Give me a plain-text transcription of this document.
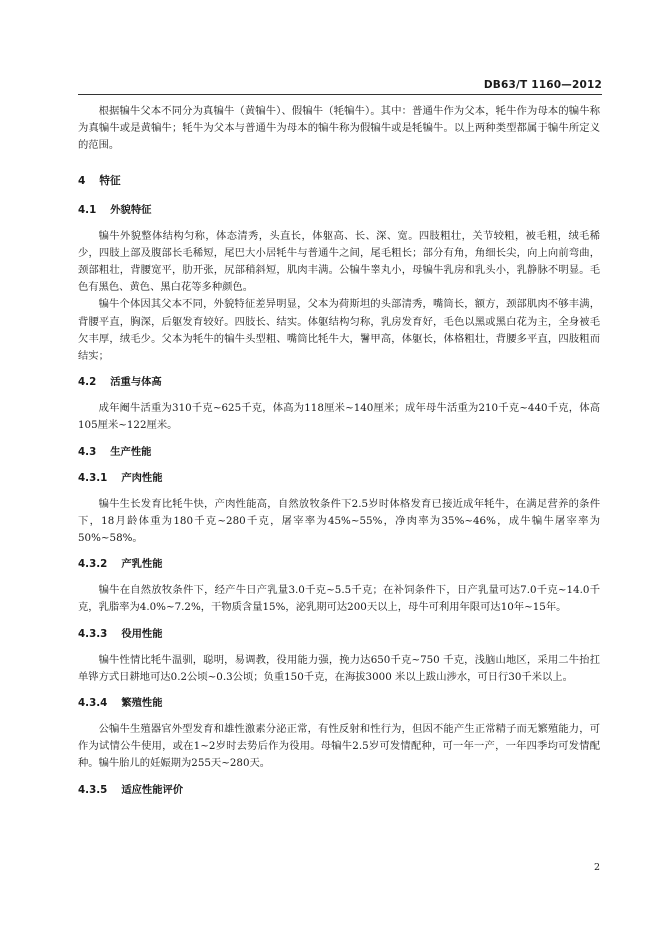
DB63/T 1160—2012

根据犏牛父本不同分为真犏牛（黄犏牛）、假犏牛（牦犏牛）。其中：普通牛作为父本，牦牛作为母本的犏牛称为真犏牛或是黄犏牛；牦牛为父本与普通牛为母本的犏牛称为假犏牛或是牦犏牛。以上两种类型都属于犏牛所定义的范围。

4 特征
4.1 外貌特征

犏牛外貌整体结构匀称，体态清秀，头直长，体躯高、长、深、宽。四肢粗壮，关节较粗，被毛粗，绒毛稀少，四肢上部及腹部长毛稀短，尾巴大小居牦牛与普通牛之间，尾毛粗长；部分有角，角细长尖，向上向前弯曲，颈部粗壮，背腰宽平，肋开张，尻部稍斜短，肌肉丰满。公犏牛睾丸小，母犏牛乳房和乳头小，乳静脉不明显。毛色有黑色、黄色、黑白花等多种颜色。

犏牛个体因其父本不同，外貌特征差异明显，父本为荷斯坦的头部清秀，嘴筒长，额方，颈部肌肉不够丰满，背腰平直，胸深，后躯发育较好。四肢长、结实。体躯结构匀称，乳房发育好，毛色以黑或黑白花为主，全身被毛欠丰厚，绒毛少。父本为牦牛的犏牛头型粗、嘴筒比牦牛大，鬐甲高，体躯长，体格粗壮，背腰多平直，四肢粗而结实；

4.2 活重与体高

成年阉牛活重为310千克~625千克，体高为118厘米~140厘米；成年母牛活重为210千克~440千克，体高105厘米~122厘米。

4.3 生产性能
4.3.1 产肉性能

犏牛生长发育比牦牛快，产肉性能高，自然放牧条件下2.5岁时体格发育已接近成年牦牛，在满足营养的条件下，18月龄体重为180千克~280千克，屠宰率为45%~55%，净肉率为35%~46%，成牛犏牛屠宰率为50%~58%。

4.3.2 产乳性能

犏牛在自然放牧条件下，经产牛日产乳量3.0千克~5.5千克；在补饲条件下，日产乳量可达7.0千克~14.0千克，乳脂率为4.0%~7.2%，干物质含量15%，泌乳期可达200天以上，母牛可利用年限可达10年~15年。

4.3.3 役用性能

犏牛性情比牦牛温驯，聪明，易调教，役用能力强，挽力达650千克~750 千克，浅脑山地区，采用二牛抬扛单铧方式日耕地可达0.2公顷~0.3公顷；负重150千克，在海拔3000 米以上跋山涉水，可日行30千米以上。

4.3.4 繁殖性能

公犏牛生殖器官外型发育和雄性激素分泌正常，有性反射和性行为，但因不能产生正常精子而无繁殖能力，可作为试情公牛使用，或在1~2岁时去势后作为役用。母犏牛2.5岁可发情配种，可一年一产，一年四季均可发情配种。犏牛胎儿的妊娠期为255天~280天。

4.3.5 适应性能评价
2
